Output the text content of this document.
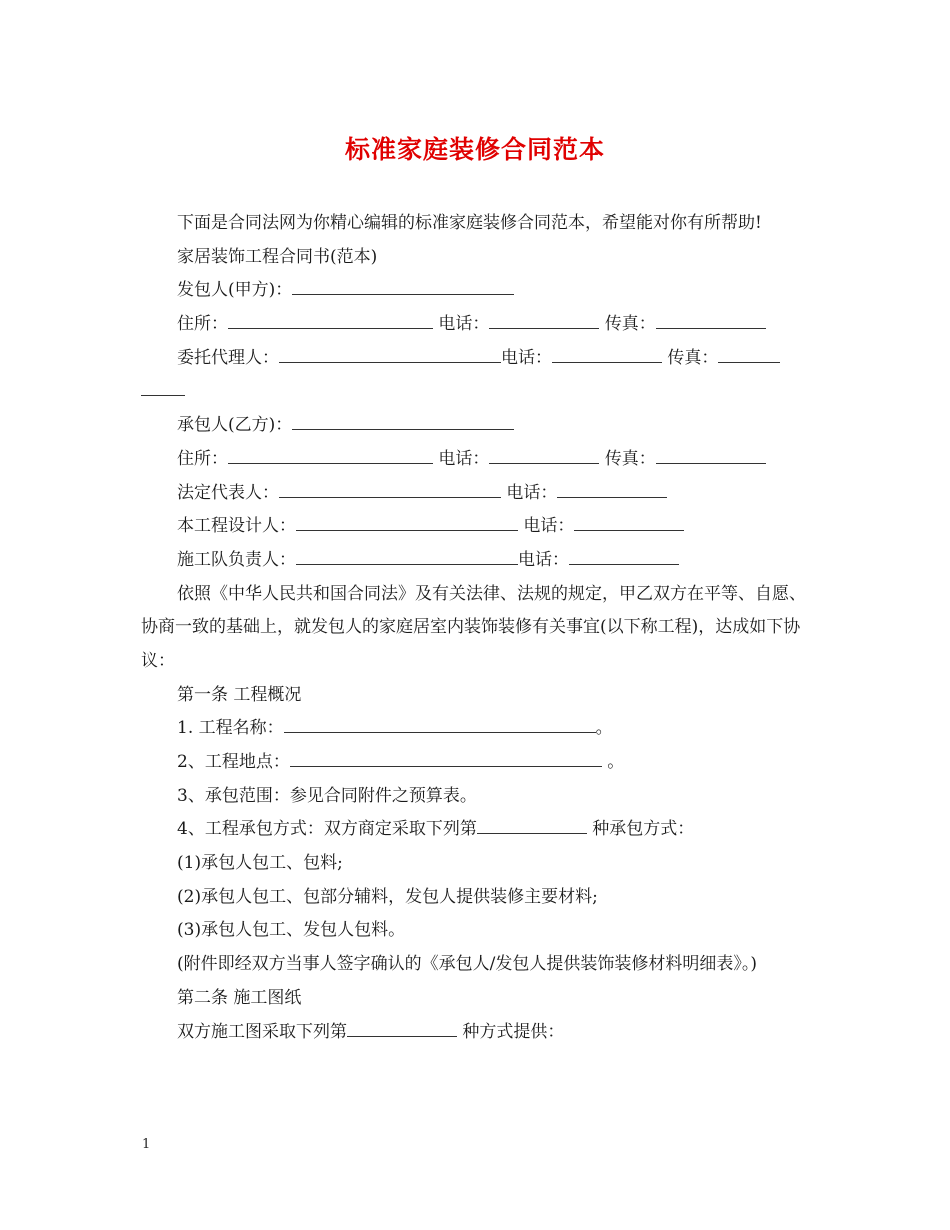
标准家庭装修合同范本
下面是合同法网为你精心编辑的标准家庭装修合同范本，希望能对你有所帮助!
家居装饰工程合同书(范本)
发包人(甲方)：
住所：	电话：	传真：
委托代理人：	电话：	传真：
承包人(乙方)：
住所：	电话：	传真：
法定代表人：	电话：
本工程设计人：	电话：
施工队负责人：	电话：
依照《中华人民共和国合同法》及有关法律、法规的规定，甲乙双方在平等、自愿、协商一致的基础上，就发包人的家庭居室内装饰装修有关事宜(以下称工程)，达成如下协议：
第一条 工程概况
1. 工程名称：	。
2、工程地点：	。
3、承包范围：参见合同附件之预算表。
4、工程承包方式：双方商定采取下列第	种承包方式：
(1)承包人包工、包料;
(2)承包人包工、包部分辅料，发包人提供装修主要材料;
(3)承包人包工、发包人包料。
(附件即经双方当事人签字确认的《承包人/发包人提供装饰装修材料明细表》。)
第二条 施工图纸
双方施工图采取下列第	种方式提供：
1
